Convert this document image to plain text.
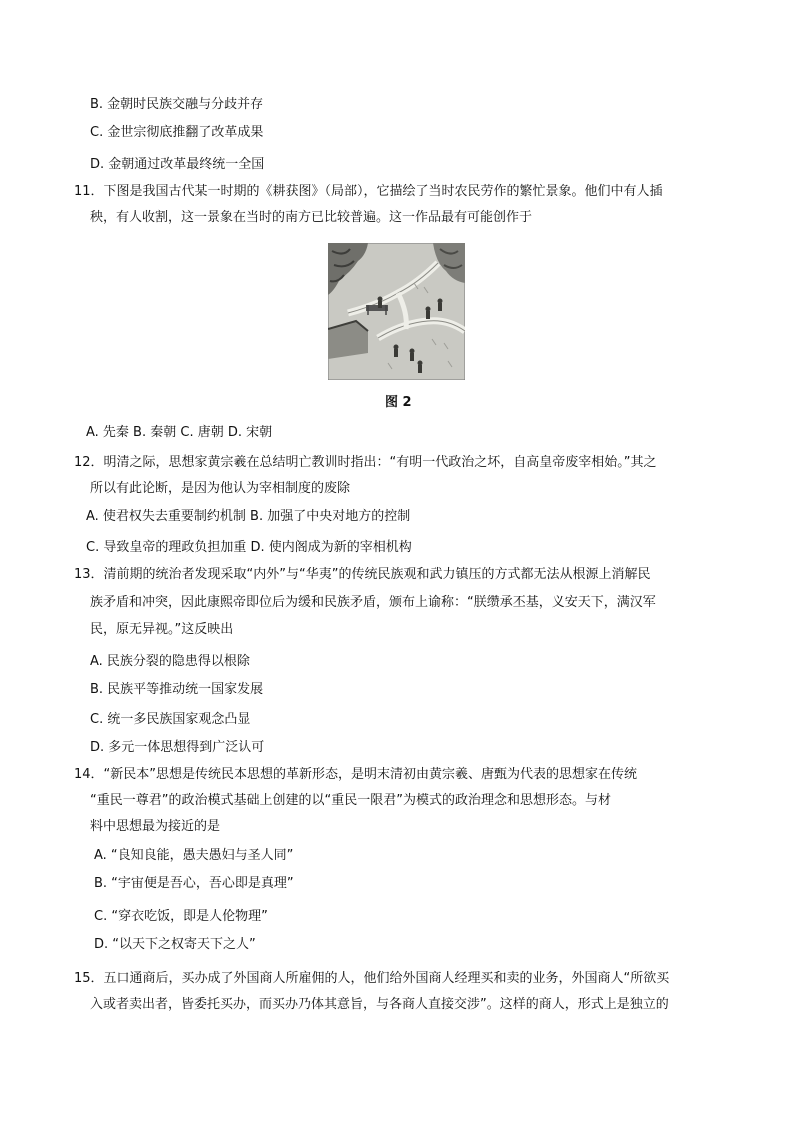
B. 金朝时民族交融与分歧并存
C. 金世宗彻底推翻了改革成果
D. 金朝通过改革最终统一全国
11．下图是我国古代某一时期的《耕获图》（局部），它描绘了当时农民劳作的繁忙景象。他们中有人插
秧，有人收割，这一景象在当时的南方已比较普遍。这一作品最有可能创作于
图 2
A. 先秦 B. 秦朝 C. 唐朝 D. 宋朝
12．明清之际，思想家黄宗羲在总结明亡教训时指出：“有明一代政治之坏，自高皇帝废宰相始。”其之
所以有此论断，是因为他认为宰相制度的废除
A. 使君权失去重要制约机制 B. 加强了中央对地方的控制
C. 导致皇帝的理政负担加重 D. 使内阁成为新的宰相机构
13．清前期的统治者发现采取“内外”与“华夷”的传统民族观和武力镇压的方式都无法从根源上消解民
族矛盾和冲突，因此康熙帝即位后为缓和民族矛盾，颁布上谕称：“朕缵承丕基，义安天下，满汉军
民，原无异视。”这反映出
A. 民族分裂的隐患得以根除
B. 民族平等推动统一国家发展
C. 统一多民族国家观念凸显
D. 多元一体思想得到广泛认可
14．“新民本”思想是传统民本思想的革新形态，是明末清初由黄宗羲、唐甄为代表的思想家在传统
“重民一尊君”的政治模式基础上创建的以“重民一限君”为模式的政治理念和思想形态。与材
料中思想最为接近的是
A. “良知良能，愚夫愚妇与圣人同”
B. “宇宙便是吾心，吾心即是真理”
C. “穿衣吃饭，即是人伦物理”
D. “以天下之权寄天下之人”
15．五口通商后，买办成了外国商人所雇佣的人，他们给外国商人经理买和卖的业务，外国商人“所欲买
入或者卖出者，皆委托买办，而买办乃体其意旨，与各商人直接交涉”。这样的商人，形式上是独立的
